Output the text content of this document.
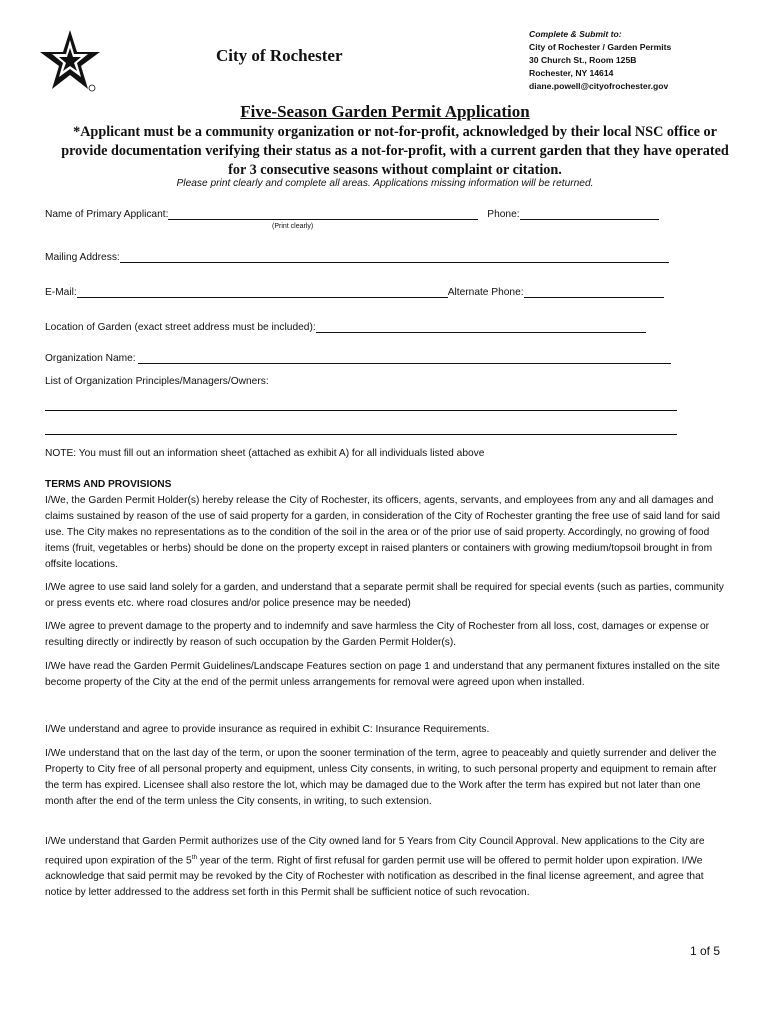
City of Rochester
Complete & Submit to:
City of Rochester / Garden Permits
30 Church St., Room 125B
Rochester, NY 14614
diane.powell@cityofrochester.gov
Five-Season Garden Permit Application
*Applicant must be a community organization or not-for-profit, acknowledged by their local NSC office or provide documentation verifying their status as a not-for-profit, with a current garden that they have operated for 3 consecutive seasons without complaint or citation.
Please print clearly and complete all areas. Applications missing information will be returned.
Name of Primary Applicant:	Phone:
(Print clearly)
Mailing Address:
E-Mail:	Alternate Phone:
Location of Garden (exact street address must be included):
Organization Name:
List of Organization Principles/Managers/Owners:
NOTE: You must fill out an information sheet (attached as exhibit A) for all individuals listed above

TERMS AND PROVISIONS

I/We, the Garden Permit Holder(s) hereby release the City of Rochester, its officers, agents, servants, and employees from any and all damages and claims sustained by reason of the use of said property for a garden, in consideration of the City of Rochester granting the free use of said land for said use. The City makes no representations as to the condition of the soil in the area or of the prior use of said property. Accordingly, no growing of food items (fruit, vegetables or herbs) should be done on the property except in raised planters or containers with growing medium/topsoil brought in from offsite locations.

I/We agree to use said land solely for a garden, and understand that a separate permit shall be required for special events (such as parties, community or press events etc. where road closures and/or police presence may be needed)
I/We agree to prevent damage to the property and to indemnify and save harmless the City of Rochester from all loss, cost, damages or expense or resulting directly or indirectly by reason of such occupation by the Garden Permit Holder(s).
I/We have read the Garden Permit Guidelines/Landscape Features section on page 1 and understand that any permanent fixtures installed on the site become property of the City at the end of the permit unless arrangements for removal were agreed upon when installed.
I/We understand and agree to provide insurance as required in exhibit C: Insurance Requirements.
I/We understand that on the last day of the term, or upon the sooner termination of the term, agree to peaceably and quietly surrender and deliver the Property to City free of all personal property and equipment, unless City consents, in writing, to such personal property and equipment to remain after the term has expired. Licensee shall also restore the lot, which may be damaged due to the Work after the term has expired but not later than one month after the end of the term unless the City consents, in writing, to such extension.
I/We understand that Garden Permit authorizes use of the City owned land for 5 Years from City Council Approval. New applications to the City are required upon expiration of the 5th year of the term. Right of first refusal for garden permit use will be offered to permit holder upon expiration. I/We acknowledge that said permit may be revoked by the City of Rochester with notification as described in the final license agreement, and agree that notice by letter addressed to the address set forth in this Permit shall be sufficient notice of such revocation.
1 of 5
